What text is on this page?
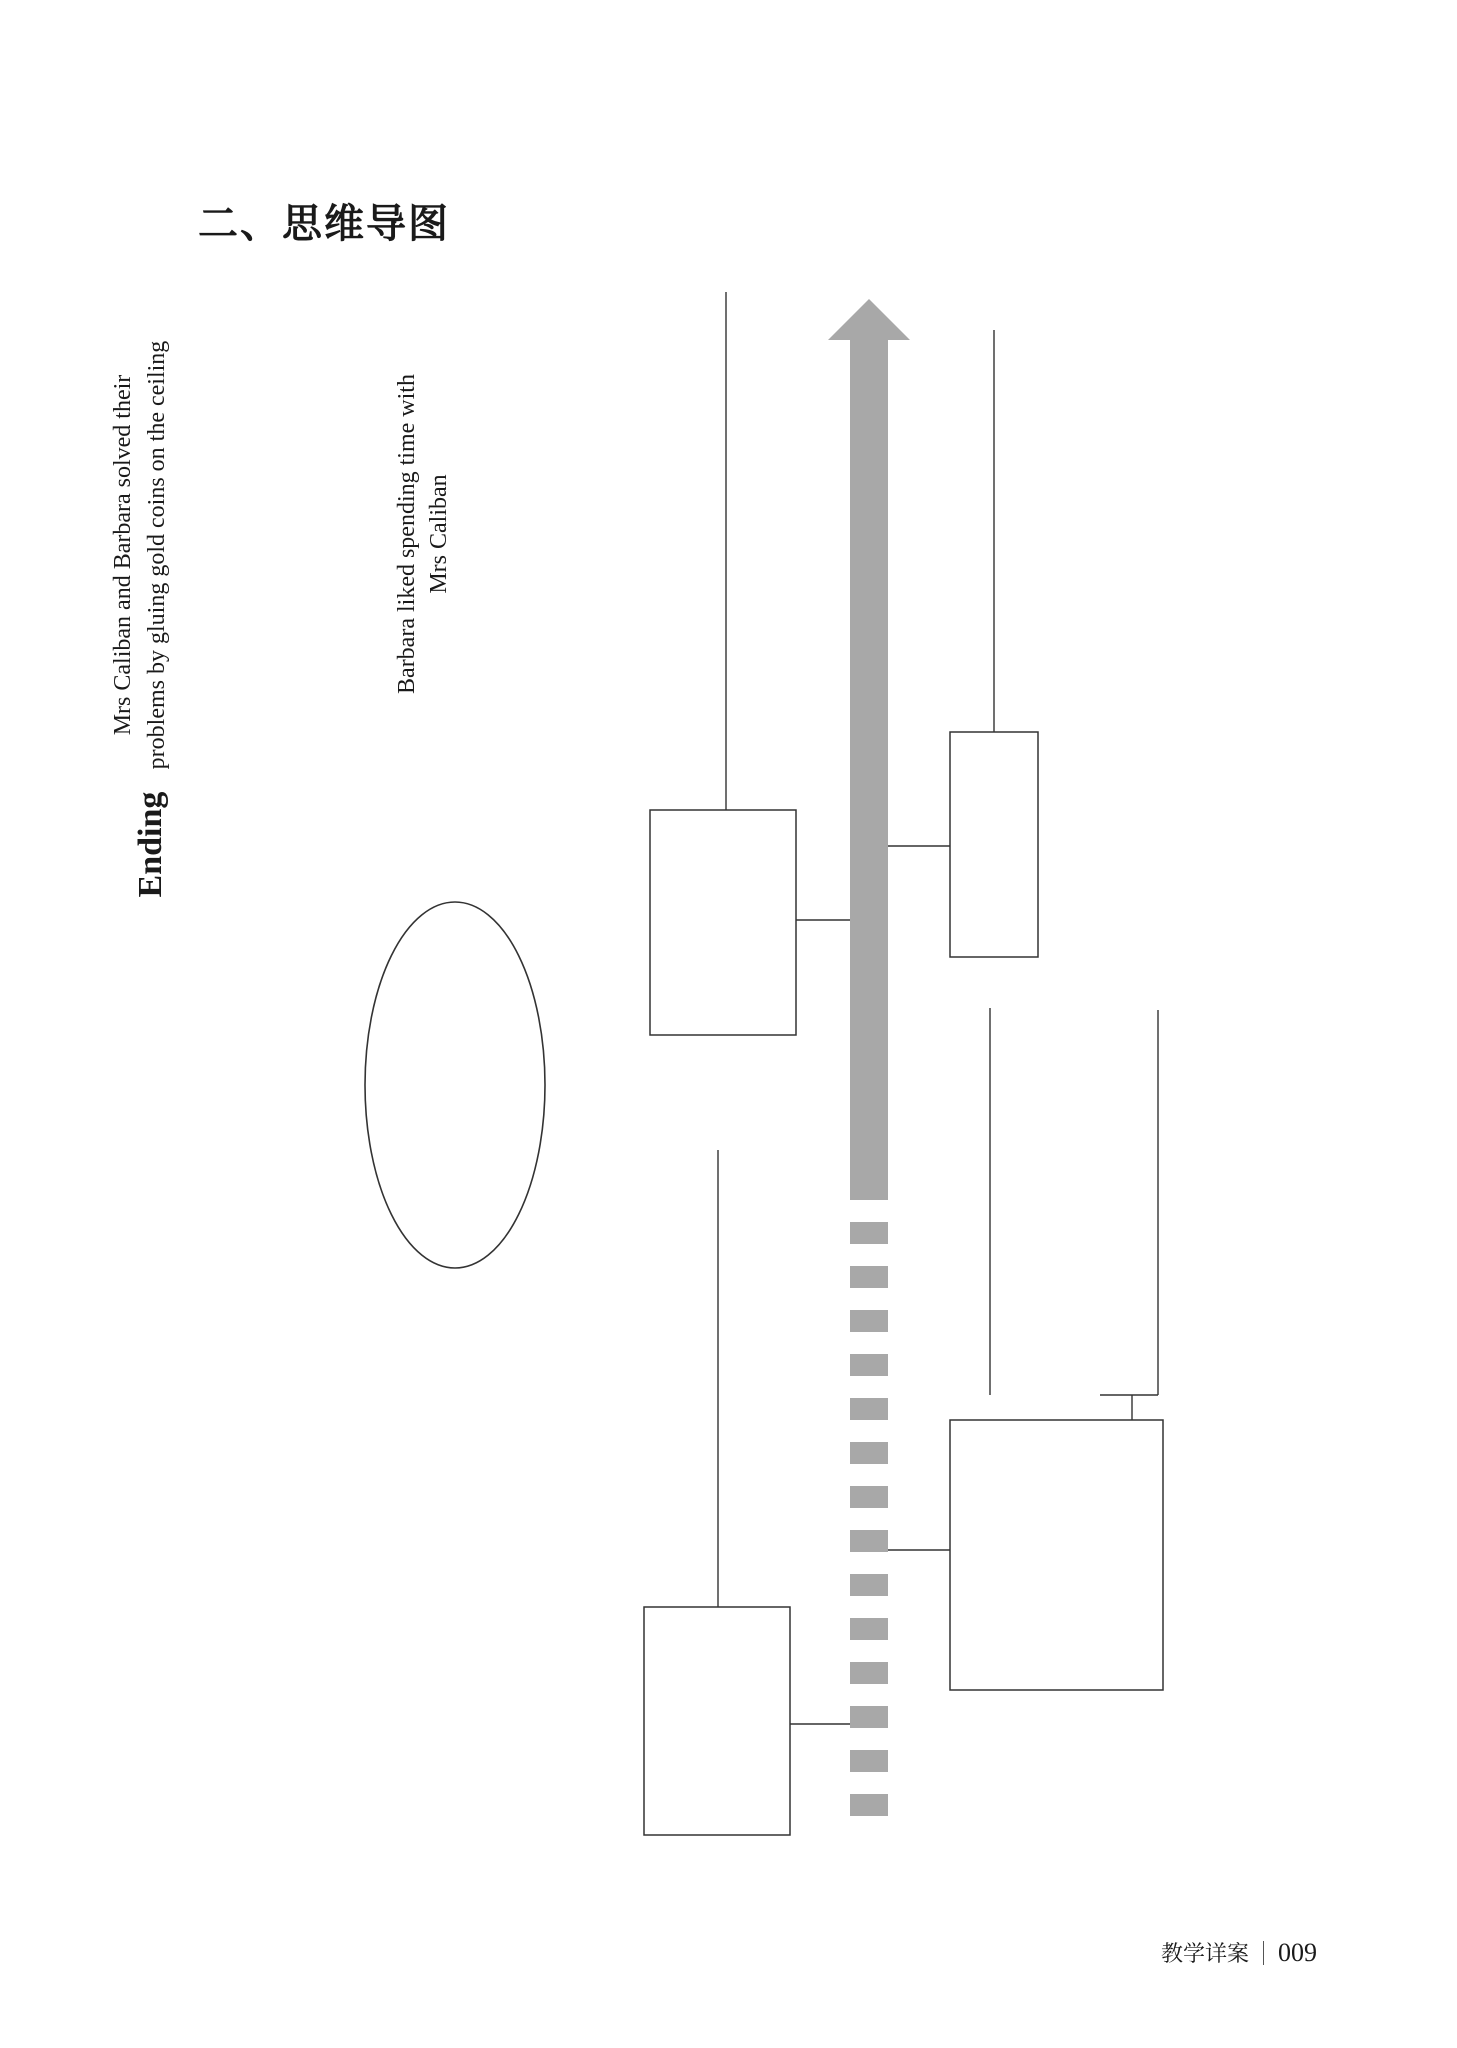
二、思维导图
Mrs Caliban and Barbara solved their problems by gluing gold coins on the ceiling
Ending
Barbara liked spending time with Mrs Caliban
教学详案 009
